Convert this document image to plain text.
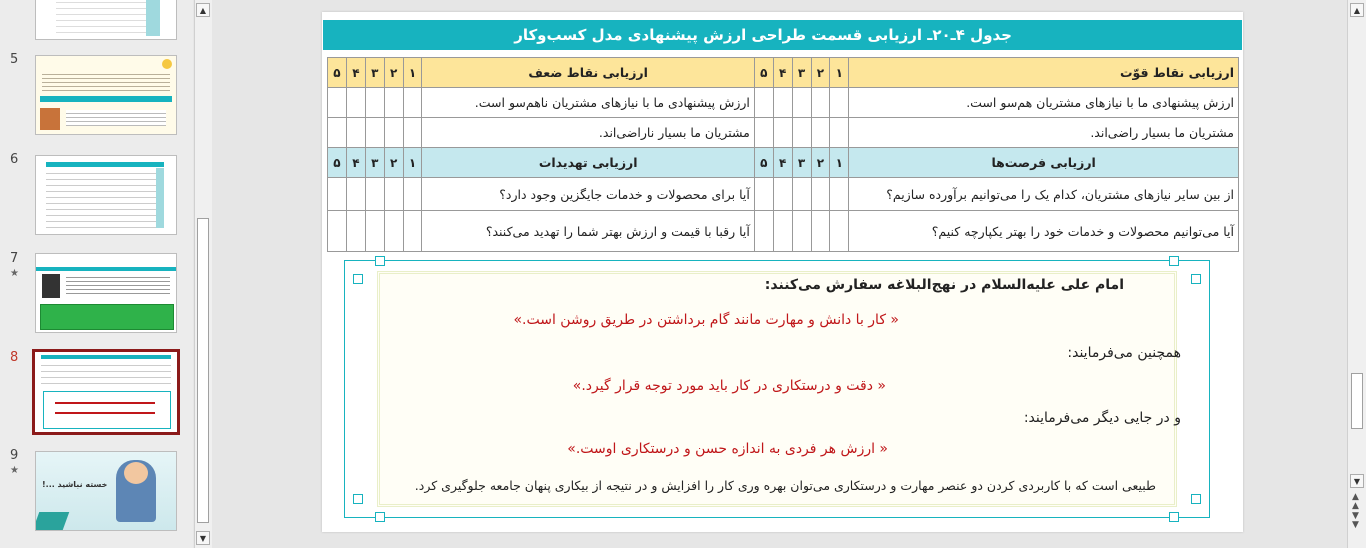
5
6
7
★
8
9
★
خسته نباشید ...!
▲
▼
جدول ۴ـ۲۰ـ ارزیابی قسمت طراحی ارزش پیشنهادی مدل کسب‌وکار
ارزیابی نقاط قوّت	۱	۲	۳	۴	۵	ارزیابی نقاط ضعف	۱	۲	۳	۴	۵
ارزش پیشنهادی ما با نیازهای مشتریان هم‌سو است.						ارزش پیشنهادی ما با نیازهای مشتریان ناهم‌سو است.					
مشتریان ما بسیار راضی‌اند.						مشتریان ما بسیار ناراضی‌اند.					
ارزیابی فرصت‌ها	۱	۲	۳	۴	۵	ارزیابی تهدیدات	۱	۲	۳	۴	۵
از بین سایر نیازهای مشتریان، کدام یک را می‌توانیم برآورده سازیم؟						آیا برای محصولات و خدمات جایگزین وجود دارد؟					
آیا می‌توانیم محصولات و خدمات خود را بهتر یکپارچه کنیم؟						آیا رقبا با قیمت و ارزش بهتر شما را تهدید می‌کنند؟					
امام علی علیه‌السلام در نهج‌البلاغه سفارش می‌کنند:
« کار با دانش و مهارت مانند گام برداشتن در طریق روشن است.»
همچنین می‌فرمایند:
« دقت و درستکاری در کار باید مورد توجه قرار گیرد.»
و در جایی دیگر می‌فرمایند:
« ارزش هر فردی به اندازه حسن و درستکاری اوست.»
طبیعی است که با کاربردی کردن دو عنصر مهارت و درستکاری می‌توان بهره وری کار را افزایش و در نتیجه از بیکاری پنهان جامعه جلوگیری کرد.
▲
▼
▲
▲
▼
▼
